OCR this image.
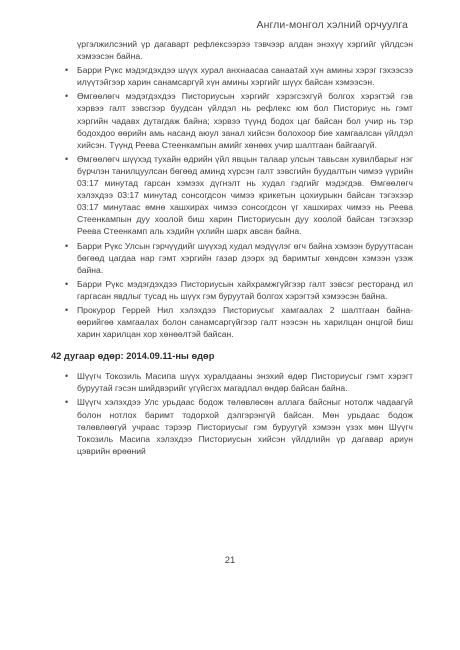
Англи-монгол хэлний орчуулга
үргэлжилсэний үр дагаварт рефлексээрээ тэвчээр алдан энэхүү хэргийг үйлдсэн хэмээсэн байна.
• Барри Рүкс мэдэгдэхдээ шүүх хурал анхнаасаа санаатай хүн амины хэрэг гэхээсээ илүүтэйгээр харин санамсаргүй хүн амины хэргийг шүүх байсан хэмээсэн.
• Өмгөөлөгч мэдэгдэхдээ Писториусын хэргийг хэрэгсэхгүй болгох хэрэгтэй гэв хэрвээ галт зэвсгээр буудсан үйлдэл нь рефлекс юм бол Писториус нь гэмт хэргийн чадавх дутагдаж байна; хэрвээ түүнд бодох цаг байсан бол учир нь тэр бодохдоо өөрийн амь насанд аюул занал хийсэн болохоор бие хамгаалсан үйлдэл хийсэн. Түүнд Реева Стеенкампын амийг хөнөөх учир шалтгаан байгаагүй.
• Өмгөөлөгч шүүхэд тухайн өдрийн үйл явцын талаар улсын тавьсан хувилбарыг нэг бүрчлэн танилцуулсан бөгөөд аминд хүрсэн галт зэвсгийн буудалтын чимээ үүрийн 03:17 минутад гарсан хэмээх дүгнэлт нь худал гэдгийг мэдэгдэв. Өмгөөлөгч хэлэхдээ 03:17 минутад сонсогдсон чимээ крикетын цохиурыкн байсан тэгэхээр 03:17 минутаас өмнө хашхирах чимээ сонсогдсон үг хашхирах чимээ нь Реева Стеенкампын дуу хоолой биш харин Писториусын дуу хоолой байсан тэгэхээр Реева Стеенкамп аль хэдийн үхлийн шарх авсан байна.
• Барри Рүкс Улсын гэрчүүдийг шүүхэд худал мэдүүлэг өгч байна хэмээн буруутгасан бөгөөд цагдаа нар гэмт хэргийн газар дээрх эд баримтыг хөндсөн хэмээн үзэж байна.
• Барри Рүкс мэдэгдэхдээ Писториусын хайхрамжгүйгээр галт зэвсэг ресторанд ил гаргасан явдлыг тусад нь шүүх гэм буруутай болгох хэрэгтэй хэмээсэн байна.
• Прокурор Геррей Нил хэлэхдээ Писториусыг хамгаалах 2 шалтгаан байна- өөрийгөө хамгаалах болон санамсаргүйгээр галт нээсэн нь харилцан онцгой биш харин харилцан хор хөнөөлтэй байсан.
42 дугаар өдөр: 2014.09.11-ны өдөр
• Шүүгч Токозиль Масипа шүүх хуралдааны энэхий өдөр Писториусыг гэмт хэрэгт буруутай гэсэн шийдвэрийг үгүйсгэх магадлал өндөр байсан байна.
• Шүүгч хэлэхдээ Улс урьдаас бодож төлөвлөсөн аллага байсныг нотолж чадаагүй болон нотлох баримт тодорхой дэлгэрэнгүй байсан. Мөн урьдаас бодож төлөвлөөгүй учраас тэрээр Писториусыг гэм буруугүй хэмээн үзэх мөн Шүүгч Токозиль Масипа хэлэхдээ Писториусын хийсэн үйлдлийн үр дагавар ариун цэврийн өрөөний
21
